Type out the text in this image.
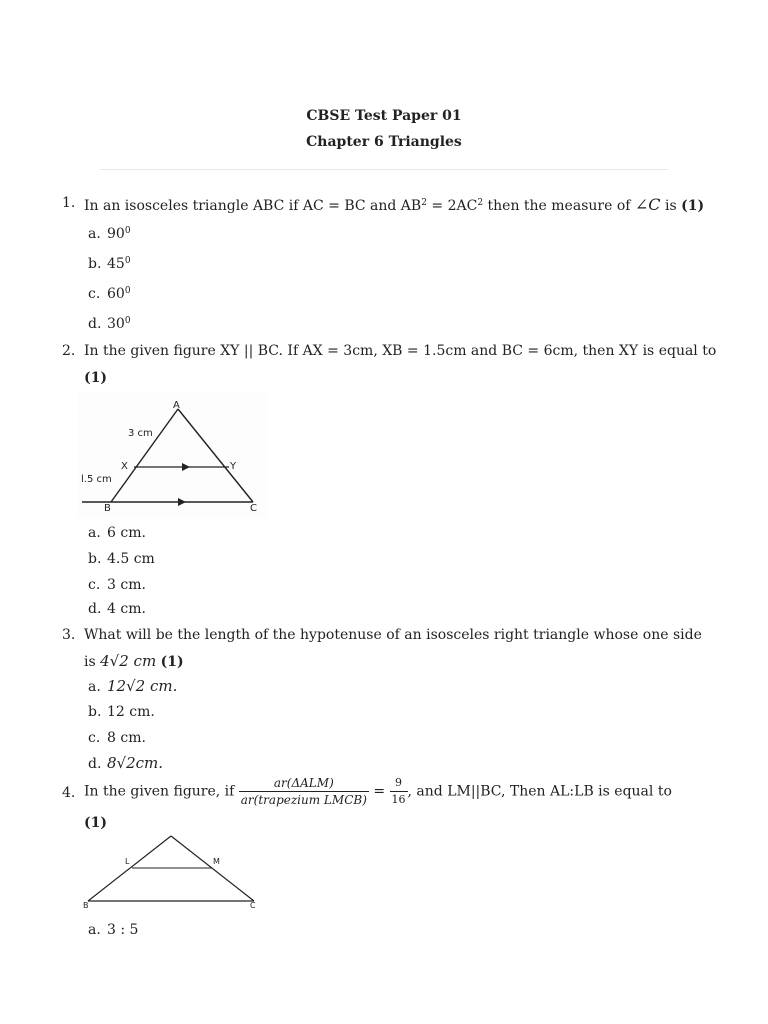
CBSE Test Paper 01
Chapter 6 Triangles
1. In an isosceles triangle ABC if AC = BC and $AB^2 = 2AC^2$ then the measure of ∠C is (1)
a. $90^0$
b. $45^0$
c. $60^0$
d. $30^0$
2. In the given figure XY || BC. If AX = 3cm, XB = 1.5cm and BC = 6cm, then XY is equal to
(1)
A
3 cm
X	Y
l.5 cm
B	C
a. 6 cm.
b. 4.5 cm
c. 3 cm.
d. 4 cm.
3. What will be the length of the hypotenuse of an isosceles right triangle whose one side
is 4√2 cm (1)
a. 12√2 cm.
b. 12 cm.
c. 8 cm.
d. 8√2cm.
4. In the given figure, if $\frac{\text{ar(ΔALM)}}{\text{ar(trapezium LMCB)}} = \frac{9}{16}$ , and LM||BC, Then AL:LB is equal to
(1)
L	M
B	C
a. 3 : 5
